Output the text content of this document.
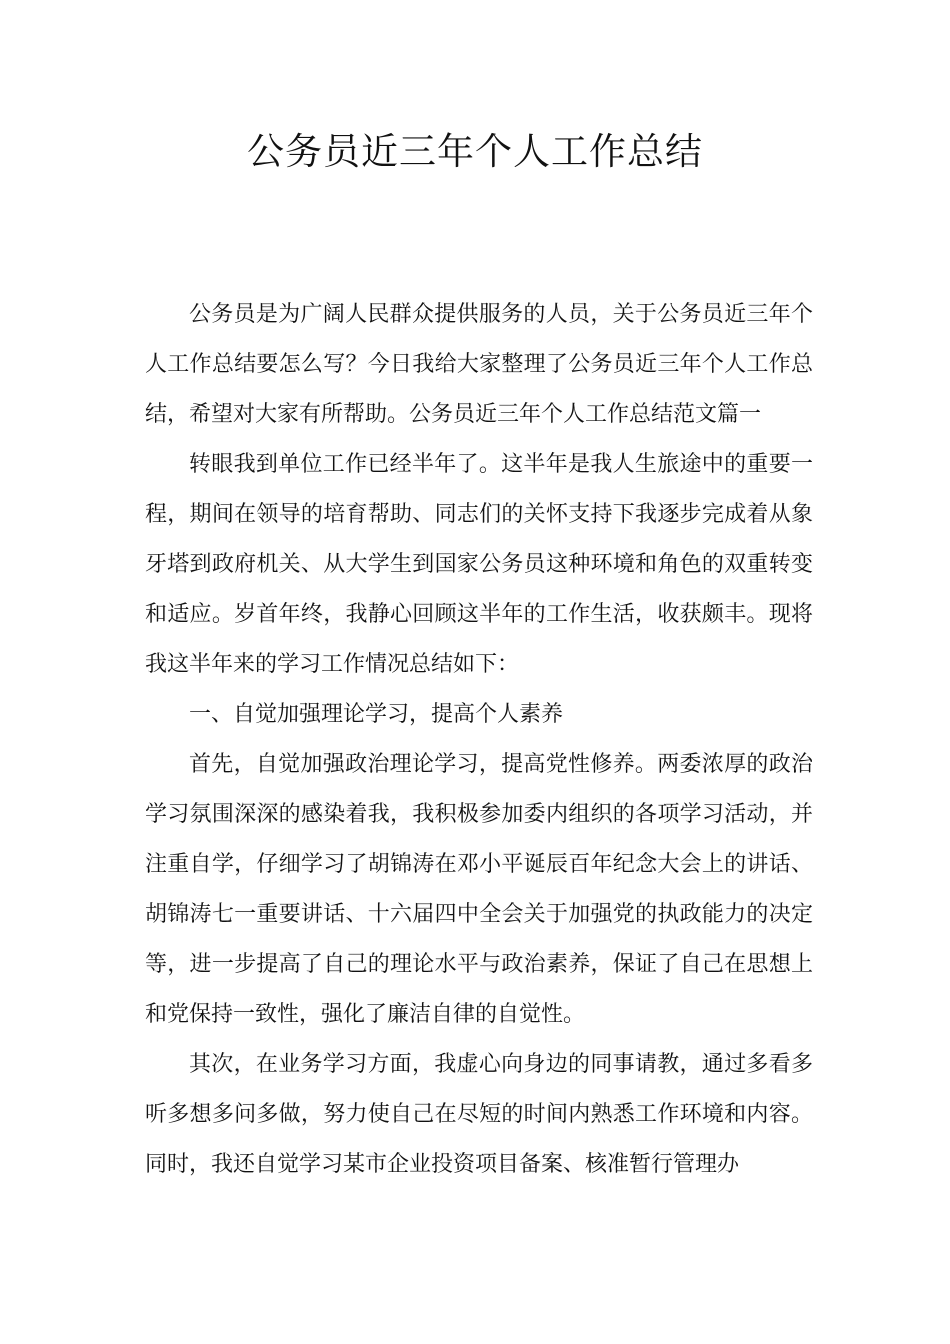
公务员近三年个人工作总结

公务员是为广阔人民群众提供服务的人员，关于公务员近三年个人工作总结要怎么写？今日我给大家整理了公务员近三年个人工作总结，希望对大家有所帮助。公务员近三年个人工作总结范文篇一

转眼我到单位工作已经半年了。这半年是我人生旅途中的重要一程，期间在领导的培育帮助、同志们的关怀支持下我逐步完成着从象牙塔到政府机关、从大学生到国家公务员这种环境和角色的双重转变和适应。岁首年终，我静心回顾这半年的工作生活，收获颇丰。现将我这半年来的学习工作情况总结如下：

一、自觉加强理论学习，提高个人素养

首先，自觉加强政治理论学习，提高党性修养。两委浓厚的政治学习氛围深深的感染着我，我积极参加委内组织的各项学习活动，并注重自学，仔细学习了胡锦涛在邓小平诞辰百年纪念大会上的讲话、胡锦涛七一重要讲话、十六届四中全会关于加强党的执政能力的决定等，进一步提高了自己的理论水平与政治素养，保证了自己在思想上和党保持一致性，强化了廉洁自律的自觉性。

其次，在业务学习方面，我虚心向身边的同事请教，通过多看多听多想多问多做，努力使自己在尽短的时间内熟悉工作环境和内容。同时，我还自觉学习某市企业投资项目备案、核准暂行管理办
